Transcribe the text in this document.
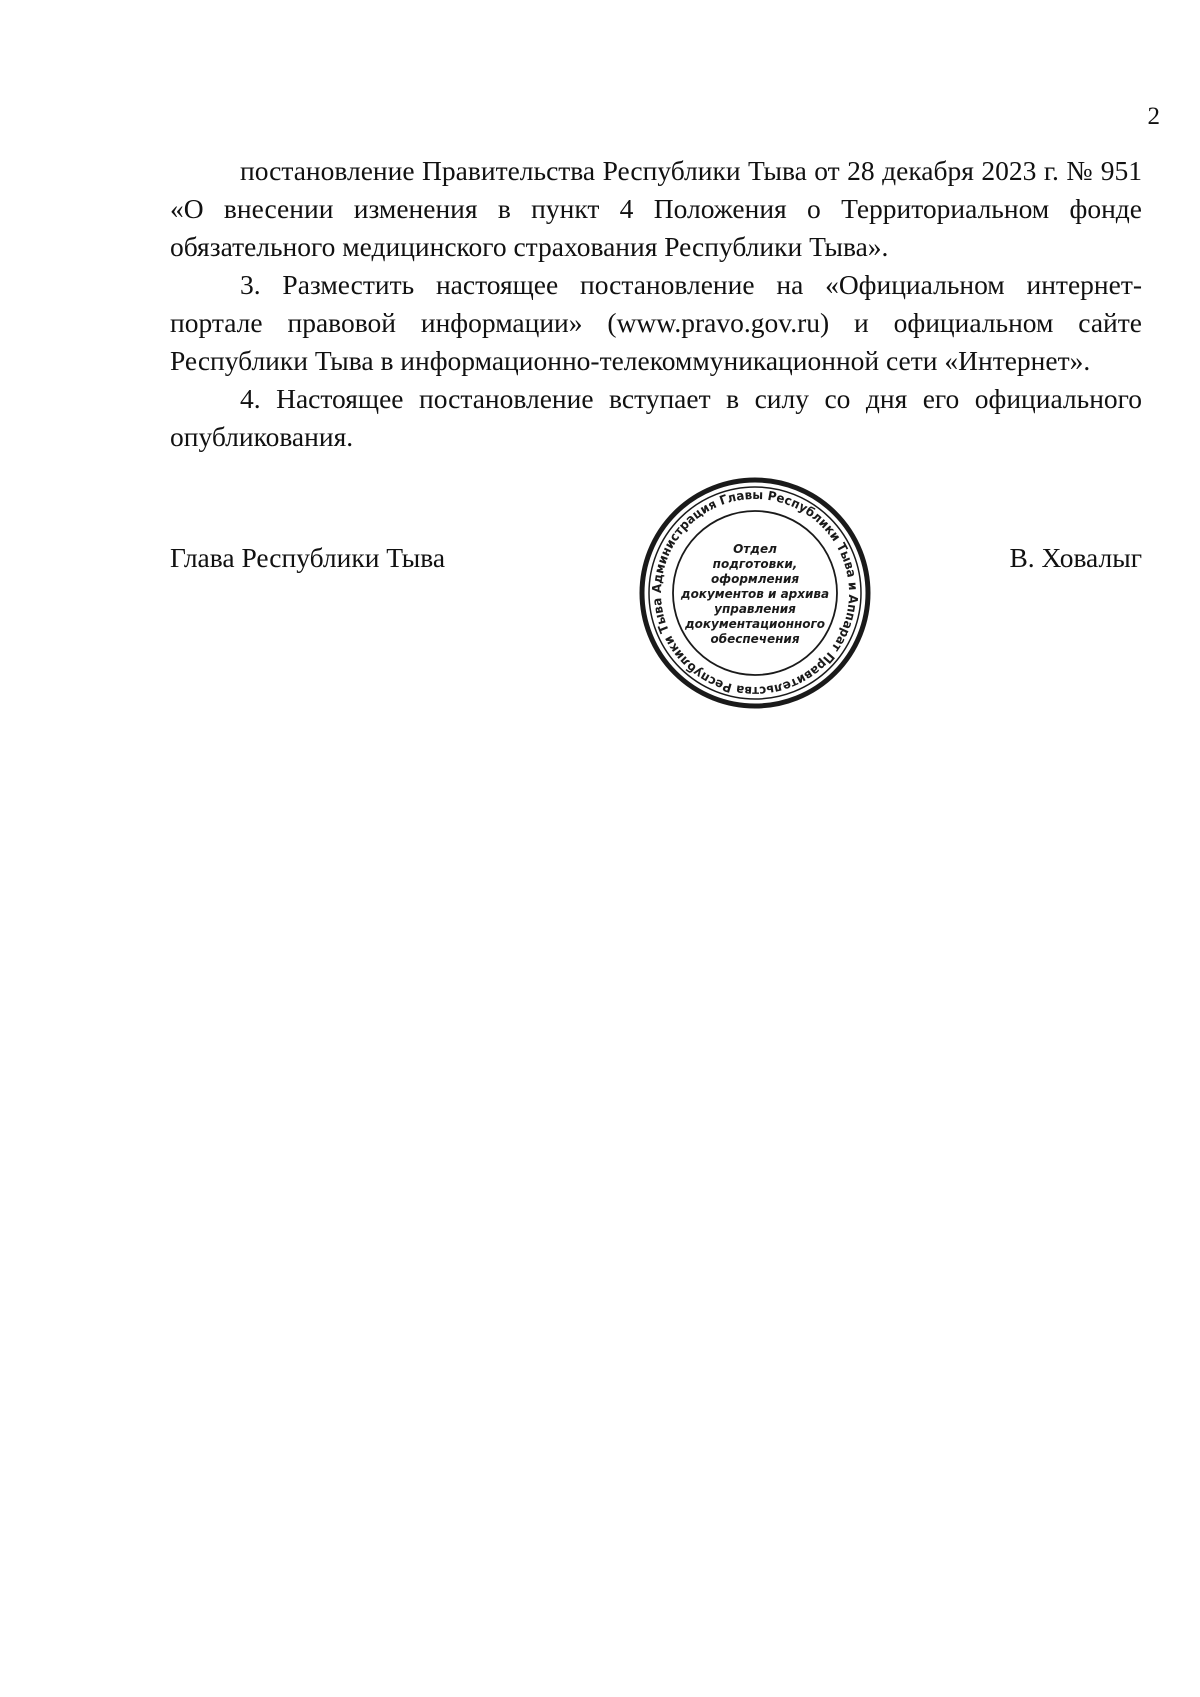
2

постановление Правительства Республики Тыва от 28 декабря 2023 г. № 951 «О внесении изменения в пункт 4 Положения о Территориальном фонде обязательного медицинского страхования Республики Тыва».

3. Разместить настоящее постановление на «Официальном интернет-портале правовой информации» (www.pravo.gov.ru) и официальном сайте Республики Тыва в информационно-телекоммуникационной сети «Интернет».

4. Настоящее постановление вступает в силу со дня его официального опубликования.

Глава Республики Тыва	В. Ховалыг
Администрация Главы Республики Тыва и Аппарат Правительства Республики Тыва
Отдел
подготовки,
оформления
документов и архива
управления
документационного
обеспечения
